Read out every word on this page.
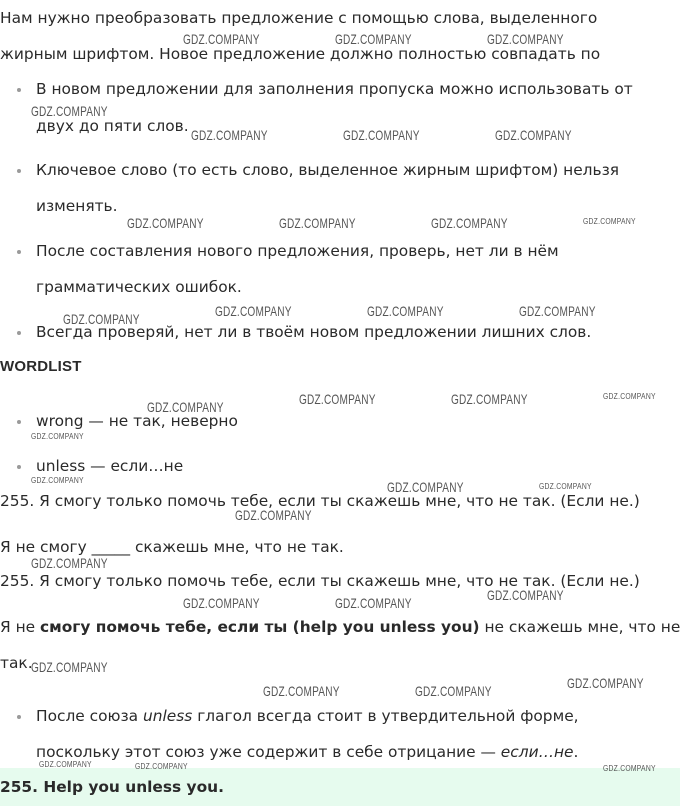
Нам нужно преобразовать предложение с помощью слова, выделенного
жирным шрифтом. Новое предложение должно полностью совпадать по
В новом предложении для заполнения пропуска можно использовать от
двух до пяти слов.
Ключевое слово (то есть слово, выделенное жирным шрифтом) нельзя
изменять.
После составления нового предложения, проверь, нет ли в нём
грамматических ошибок.
Всегда проверяй, нет ли в твоём новом предложении лишних слов.
WORDLIST
wrong — не так, неверно
unless — если…не
255. Я смогу только помочь тебе, если ты скажешь мне, что не так. (Если не.)
Я не смогу _____ скажешь мне, что не так.
255. Я смогу только помочь тебе, если ты скажешь мне, что не так. (Если не.)
Я не смогу помочь тебе, если ты (help you unless you) не скажешь мне, что не
так.
После союза unless глагол всегда стоит в утвердительной форме,
поскольку этот союз уже содержит в себе отрицание — если…не.
255. Help you unless you.
GDZ.COMPANY	GDZ.COMPANY	GDZ.COMPANY
GDZ.COMPANY
GDZ.COMPANY	GDZ.COMPANY	GDZ.COMPANY
GDZ.COMPANY	GDZ.COMPANY	GDZ.COMPANY	GDZ.COMPANY
GDZ.COMPANY	GDZ.COMPANY	GDZ.COMPANY
GDZ.COMPANY
GDZ.COMPANY	GDZ.COMPANY	GDZ.COMPANY
GDZ.COMPANY
GDZ.COMPANY
GDZ.COMPANY	GDZ.COMPANY	GDZ.COMPANY
GDZ.COMPANY
GDZ.COMPANY
GDZ.COMPANY
GDZ.COMPANY	GDZ.COMPANY
GDZ.COMPANY
GDZ.COMPANY
GDZ.COMPANY	GDZ.COMPANY
GDZ.COMPANY	GDZ.COMPANY	GDZ.COMPANY
